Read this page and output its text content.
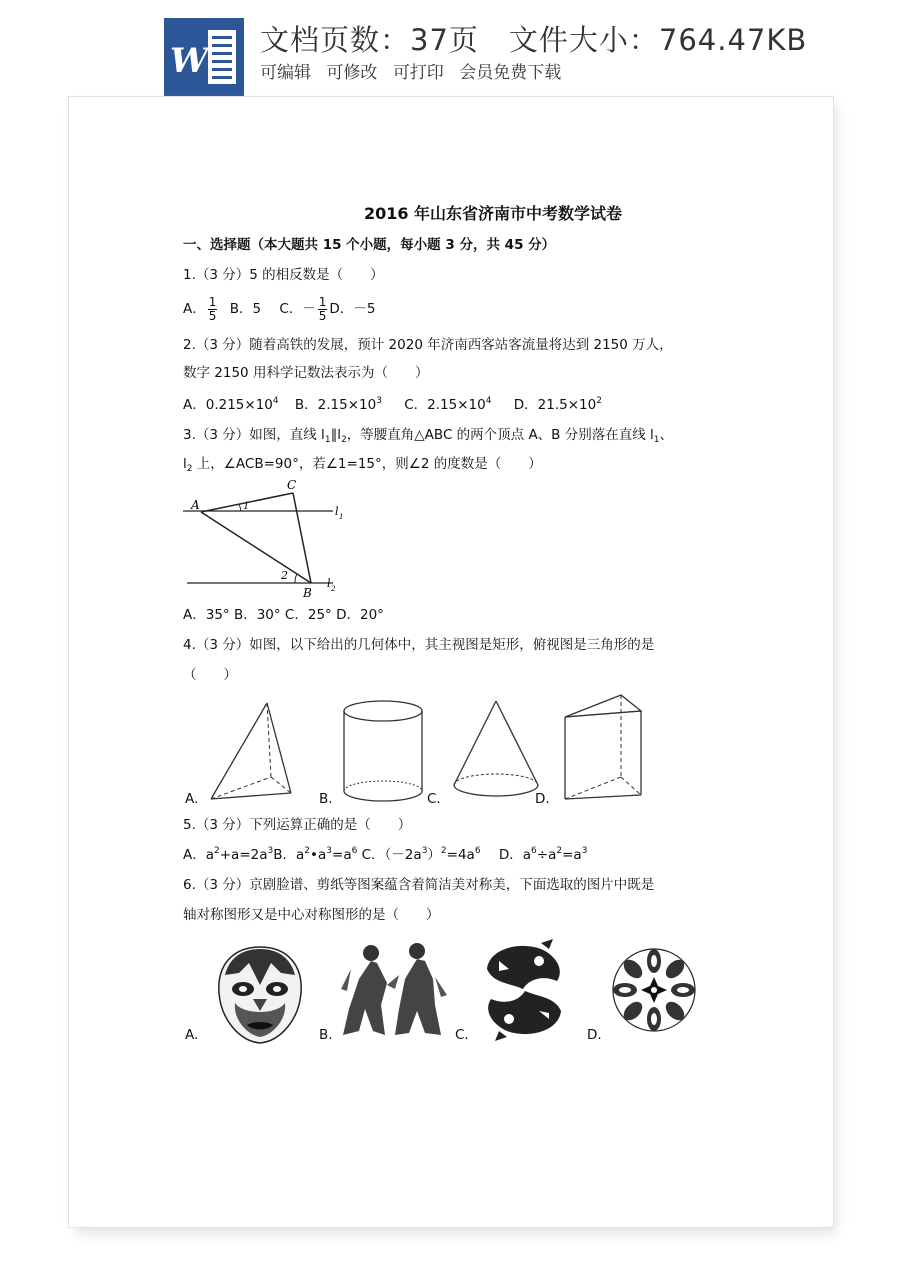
W
文档页数：37页 文件大小：764.47KB
可编辑 可修改 可打印 会员免费下载
2016 年山东省济南市中考数学试卷
一、选择题（本大题共 15 个小题，每小题 3 分，共 45 分）
1.（3 分）5 的相反数是（　　）
A． $\frac{1}{5}$ B．5 C．－ $\frac{1}{5}$ D．－5
2.（3 分）随着高铁的发展，预计 2020 年济南西客站客流量将达到 2150 万人，
数字 2150 用科学记数法表示为（　　）
A．$0.215\times 10^4$ B．$2.15\times 10^3$ C．$2.15\times 10^4$ D．$21.5\times 10^2$
3.（3 分）如图，直线 $l_1\parallel l_2$，等腰直角△ABC 的两个顶点 A、B 分别落在直线 $l_1$、
$l_2$ 上，∠ACB=90°，若∠1=15°，则∠2 的度数是（　　）
A
C
B
1
2
l 1
l 2
A．35° B．30° C．25° D．20°
4.（3 分）如图，以下给出的几何体中，其主视图是矩形，俯视图是三角形的是
（　　）
A.	B.	C.	D.
5.（3 分）下列运算正确的是（　　）
A．$a^2+a=2a^3B$．$a^2•a^3=a^6$ C．$(-2a^3)^2=4a^6$ D．$a^6\div a^2=a^3$
6.（3 分）京剧脸谱、剪纸等图案蕴含着简洁美对称美，下面选取的图片中既是
轴对称图形又是中心对称图形的是（　　）
A.	B.	C.	D.
